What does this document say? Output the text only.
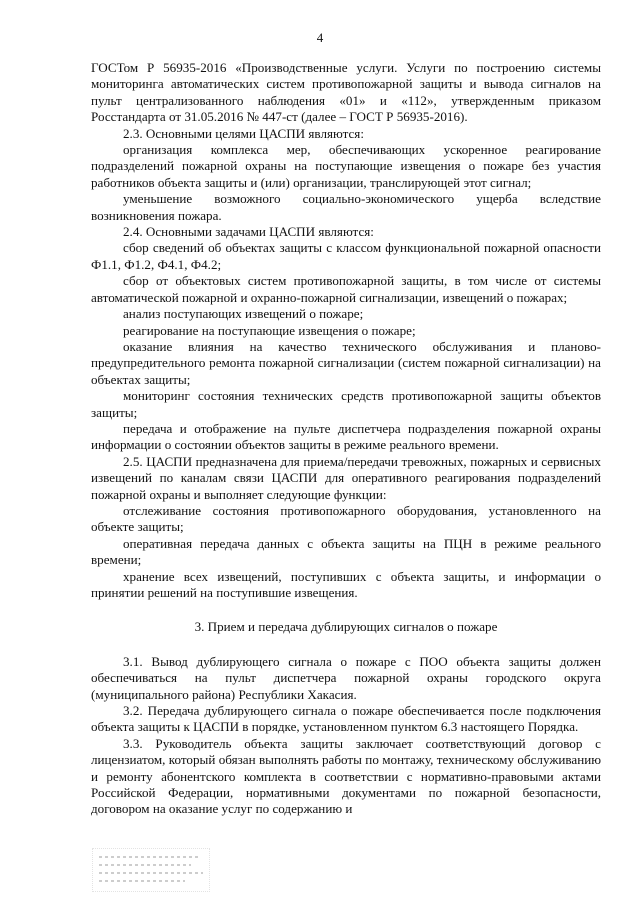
4

ГОСТом Р 56935-2016 «Производственные услуги. Услуги по построению системы мониторинга автоматических систем противопожарной защиты и вывода сигналов на пульт централизованного наблюдения «01» и «112», утвержденным приказом Росстандарта от 31.05.2016 № 447-ст (далее – ГОСТ Р 56935-2016).

2.3. Основными целями ЦАСПИ являются:

организация комплекса мер, обеспечивающих ускоренное реагирование подразделений пожарной охраны на поступающие извещения о пожаре без участия работников объекта защиты и (или) организации, транслирующей этот сигнал;

уменьшение возможного социально-экономического ущерба вследствие возникновения пожара.

2.4. Основными задачами ЦАСПИ являются:

сбор сведений об объектах защиты с классом функциональной пожарной опасности Ф1.1, Ф1.2, Ф4.1, Ф4.2;

сбор от объектовых систем противопожарной защиты, в том числе от системы автоматической пожарной и охранно-пожарной сигнализации, извещений о пожарах;

анализ поступающих извещений о пожаре;

реагирование на поступающие извещения о пожаре;

оказание влияния на качество технического обслуживания и планово-предупредительного ремонта пожарной сигнализации (систем пожарной сигнализации) на объектах защиты;

мониторинг состояния технических средств противопожарной защиты объектов защиты;

передача и отображение на пульте диспетчера подразделения пожарной охраны информации о состоянии объектов защиты в режиме реального времени.

2.5. ЦАСПИ предназначена для приема/передачи тревожных, пожарных и сервисных извещений по каналам связи ЦАСПИ для оперативного реагирования подразделений пожарной охраны и выполняет следующие функции:

отслеживание состояния противопожарного оборудования, установленного на объекте защиты;

оперативная передача данных с объекта защиты на ПЦН в режиме реального времени;

хранение всех извещений, поступивших с объекта защиты, и информации о принятии решений на поступившие извещения.

3. Прием и передача дублирующих сигналов о пожаре

3.1. Вывод дублирующего сигнала о пожаре с ПОО объекта защиты должен обеспечиваться на пульт диспетчера пожарной охраны городского округа (муниципального района) Республики Хакасия.

3.2. Передача дублирующего сигнала о пожаре обеспечивается после подключения объекта защиты к ЦАСПИ в порядке, установленном пунктом 6.3 настоящего Порядка.

3.3. Руководитель объекта защиты заключает соответствующий договор с лицензиатом, который обязан выполнять работы по монтажу, техническому обслуживанию и ремонту абонентского комплекта в соответствии с нормативно-правовыми актами Российской Федерации, нормативными документами по пожарной безопасности, договором на оказание услуг по содержанию и
